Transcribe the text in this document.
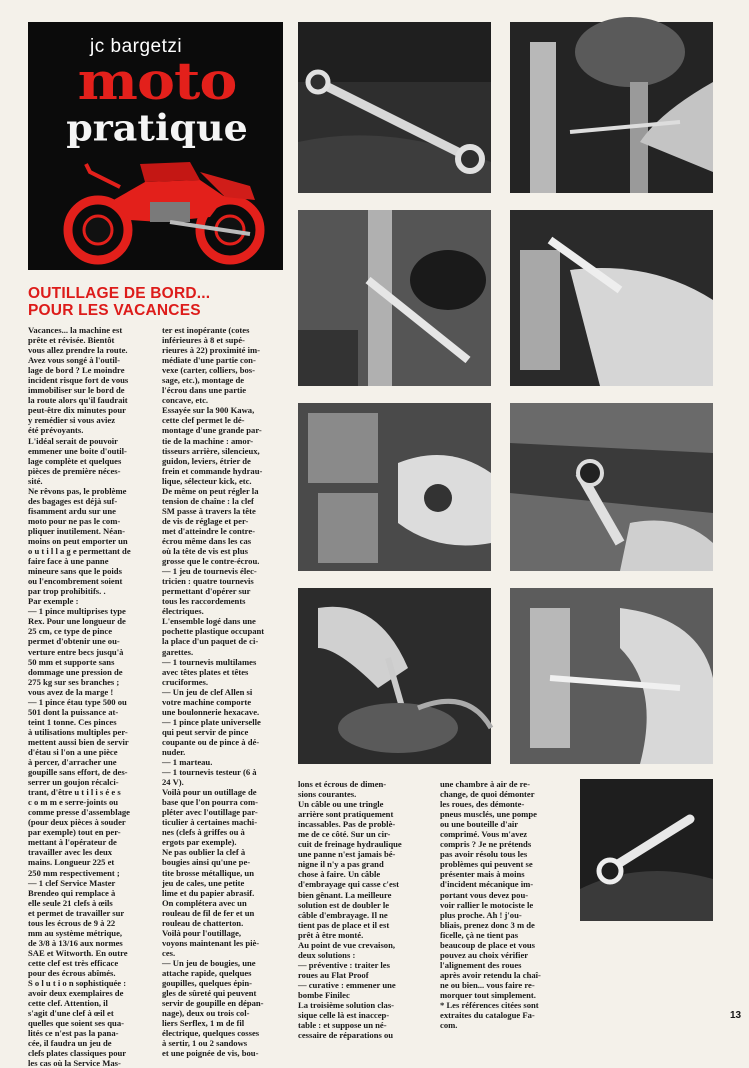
jc bargetzi
moto
pratique
OUTILLAGE DE BORD...
POUR LES VACANCES
Vacances... la machine est
prête et révisée. Bientôt
vous allez prendre la route.
Avez vous songé à l'outil-
lage de bord ? Le moindre
incident risque fort de vous
immobiliser sur le bord de
la route alors qu'il faudrait
peut-être dix minutes pour
y remédier si vous aviez
été prévoyants.
L'idéal serait de pouvoir
emmener une boite d'outil-
lage complète et quelques
pièces de première néces-
sité.
Ne rêvons pas, le problème
des bagages est déjà suf-
fisamment ardu sur une
moto pour ne pas le com-
pliquer inutilement. Néan-
moins on peut emporter un
o u t i l l a g e permettant de
faire face à une panne
mineure sans que le poids
ou l'encombrement soient
par trop prohibitifs. .
Par exemple :
— 1 pince multiprises type
Rex. Pour une longueur de
25 cm, ce type de pince
permet d'obtenir une ou-
verture entre becs jusqu'à
50 mm et supporte sans
dommage une pression de
275 kg sur ses branches ;
vous avez de la marge !
— 1 pince étau type 500 ou
501 dont la puissance at-
teint 1 tonne. Ces pinces
à utilisations multiples per-
mettent aussi bien de servir
d'étau si l'on a une pièce
à percer, d'arracher une
goupille sans effort, de des-
serrer un goujon récalci-
trant, d'être u t i l i s é e s
c o m m e serre-joints ou
comme presse d'assemblage
(pour deux pièces à souder
par exemple) tout en per-
mettant à l'opérateur de
travailler avec les deux
mains. Longueur 225 et
250 mm respectivement ;
— 1 clef Service Master
Brendeo qui remplace à
elle seule 21 clefs à œils
et permet de travailler sur
tous les écrous de 9 à 22
mm au système métrique,
de 3/8 à 13/16 aux normes
SAE et Witworth. En outre
cette clef est très efficace
pour des écrous abîmés.
S o l u t i o n sophistiquée :
avoir deux exemplaires de
cette clef. Attention, il
s'agit d'une clef à œil et
quelles que soient ses qua-
lités ce n'est pas la pana-
cée, il faudra un jeu de
clefs plates classiques pour
les cas où la Service Mas-
ter est inopérante (cotes
inférieures à 8 et supé-
rieures à 22) proximité im-
médiate d'une partie con-
vexe (carter, colliers, bos-
sage, etc.), montage de
l'écrou dans une partie
concave, etc.
Essayée sur la 900 Kawa,
cette clef permet le dé-
montage d'une grande par-
tie de la machine : amor-
tisseurs arrière, silencieux,
guidon, leviers, étrier de
frein et commande hydrau-
lique, sélecteur kick, etc.
De même on peut régler la
tension de chaîne : la clef
SM passe à travers la tête
de vis de réglage et per-
met d'atteindre le contre-
écrou même dans les cas
où la tête de vis est plus
grosse que le contre-écrou.
— 1 jeu de tournevis élec-
tricien : quatre tournevis
permettant d'opérer sur
tous les raccordements
électriques.
L'ensemble logé dans une
pochette plastique occupant
la place d'un paquet de ci-
garettes.
— 1 tournevis multilames
avec têtes plates et têtes
cruciformes.
— Un jeu de clef Allen si
votre machine comporte
une boulonnerie hexacave.
— 1 pince plate universelle
qui peut servir de pince
coupante ou de pince à dé-
nuder.
— 1 marteau.
— 1 tournevis testeur (6 à
24 V).
Voilà pour un outillage de
base que l'on pourra com-
pléter avec l'outillage par-
ticulier à certaines machi-
nes (clefs à griffes ou à
ergots par exemple).
Ne pas oublier la clef à
bougies ainsi qu'une pe-
tite brosse métallique, un
jeu de cales, une petite
lime et du papier abrasif.
On complétera avec un
rouleau de fil de fer et un
rouleau de chatterton.
Voilà pour l'outillage,
voyons maintenant les piè-
ces.
— Un jeu de bougies, une
attache rapide, quelques
goupilles, quelques épin-
gles de sûreté qui peuvent
servir de goupille en dépan-
nage), deux ou trois col-
liers Serflex, 1 m de fil
électrique, quelques cosses
à sertir, 1 ou 2 sandows
et une poignée de vis, bou-
lons et écrous de dimen-
sions courantes.
Un câble ou une tringle
arrière sont pratiquement
incassables. Pas de problè-
me de ce côté. Sur un cir-
cuit de freinage hydraulique
une panne n'est jamais bé-
nigne il n'y a pas grand
chose à faire. Un câble
d'embrayage qui casse c'est
bien gênant. La meilleure
solution est de doubler le
câble d'embrayage. Il ne
tient pas de place et il est
prêt à être monté.
Au point de vue crevaison,
deux solutions :
— préventive : traiter les
roues au Flat Proof
— curative : emmener une
bombe Finilec
La troisième solution clas-
sique celle là est inaccep-
table : et suppose un né-
cessaire de réparations ou
une chambre à air de re-
change, de quoi démonter
les roues, des démonte-
pneus musclés, une pompe
ou une bouteille d'air
comprimé. Vous m'avez
compris ? Je ne prétends
pas avoir résolu tous les
problèmes qui peuvent se
présenter mais à moins
d'incident mécanique im-
portant vous devez pou-
voir rallier le motociste le
plus proche. Ah ! j'ou-
bliais, prenez donc 3 m de
ficelle, çà ne tient pas
beaucoup de place et vous
pouvez au choix vérifier
l'alignement des roues
après avoir retendu la chaî-
ne ou bien... vous faire re-
morquer tout simplement.
* Les références citées sont
extraites du catalogue Fa-
com.
13
